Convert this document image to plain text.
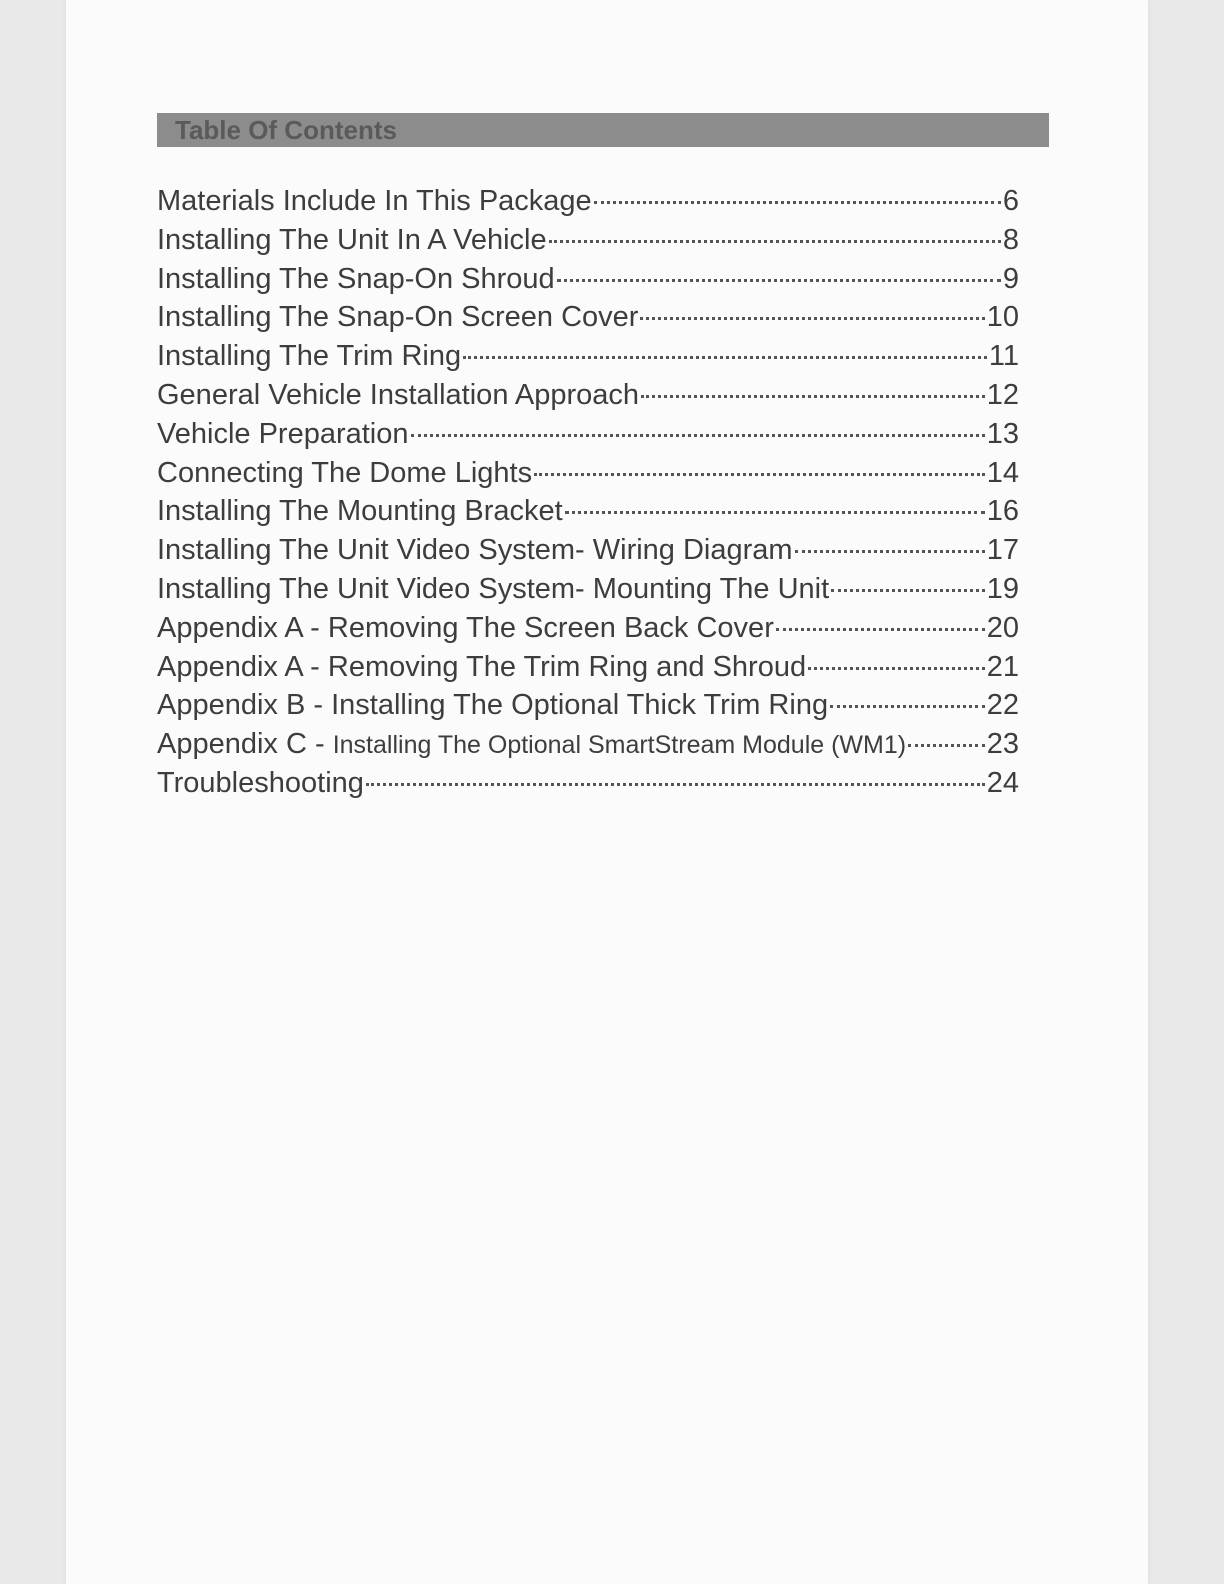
Table Of Contents
Materials Include In This Package	6
Installing The Unit In A Vehicle	8
Installing The Snap-On Shroud	9
Installing The Snap-On Screen Cover	10
Installing The Trim Ring	11
General Vehicle Installation Approach	12
Vehicle Preparation	13
Connecting The Dome Lights	14
Installing The Mounting Bracket	16
Installing The Unit Video System- Wiring Diagram	17
Installing The Unit Video System- Mounting The Unit	19
Appendix A - Removing The Screen Back Cover	20
Appendix A - Removing The Trim Ring and Shroud	21
Appendix B - Installing The Optional Thick Trim Ring	22
Appendix C - Installing The Optional SmartStream Module (WM1)	23
Troubleshooting	24
